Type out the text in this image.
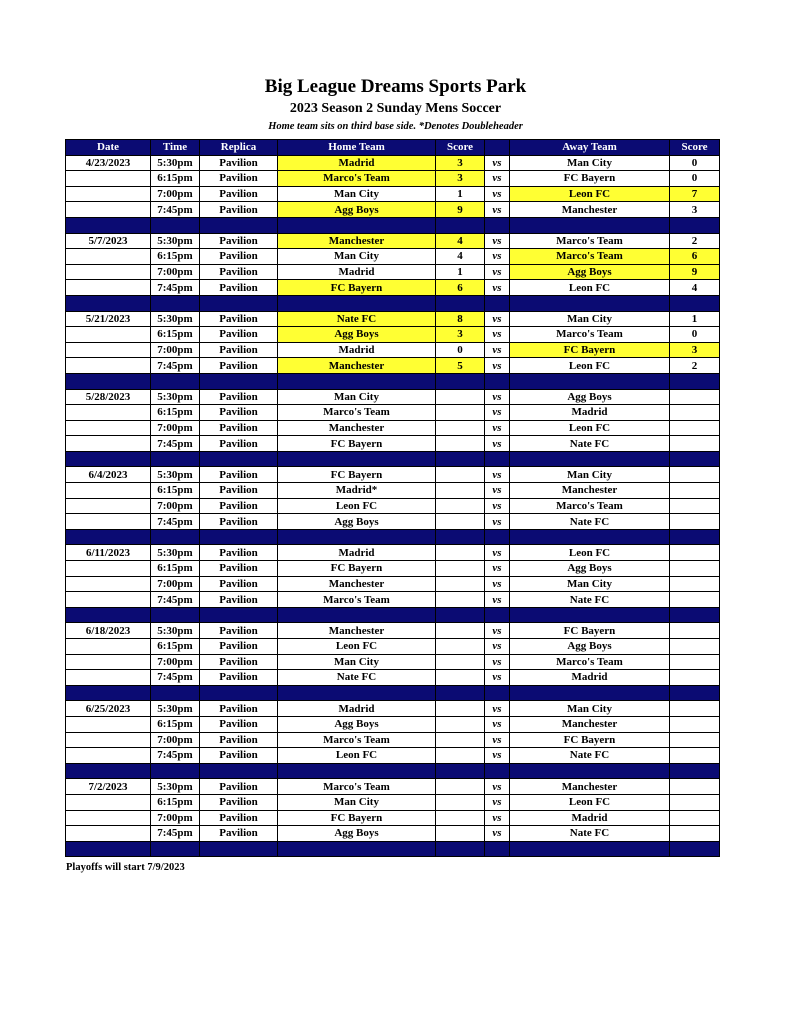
Big League Dreams Sports Park
2023 Season 2 Sunday Mens Soccer
Home team sits on third base side. *Denotes Doubleheader
Date	Time	Replica	Home Team	Score		Away Team	Score
4/23/2023	5:30pm	Pavilion	Madrid	3	vs	Man City	0
	6:15pm	Pavilion	Marco's Team	3	vs	FC Bayern	0
	7:00pm	Pavilion	Man City	1	vs	Leon FC	7
	7:45pm	Pavilion	Agg Boys	9	vs	Manchester	3

5/7/2023	5:30pm	Pavilion	Manchester	4	vs	Marco's Team	2
	6:15pm	Pavilion	Man City	4	vs	Marco's Team	6
	7:00pm	Pavilion	Madrid	1	vs	Agg Boys	9
	7:45pm	Pavilion	FC Bayern	6	vs	Leon FC	4

5/21/2023	5:30pm	Pavilion	Nate FC	8	vs	Man City	1
	6:15pm	Pavilion	Agg Boys	3	vs	Marco's Team	0
	7:00pm	Pavilion	Madrid	0	vs	FC Bayern	3
	7:45pm	Pavilion	Manchester	5	vs	Leon FC	2

5/28/2023	5:30pm	Pavilion	Man City		vs	Agg Boys	
	6:15pm	Pavilion	Marco's Team		vs	Madrid	
	7:00pm	Pavilion	Manchester		vs	Leon FC	
	7:45pm	Pavilion	FC Bayern		vs	Nate FC	

6/4/2023	5:30pm	Pavilion	FC Bayern		vs	Man City	
	6:15pm	Pavilion	Madrid*		vs	Manchester	
	7:00pm	Pavilion	Leon FC		vs	Marco's Team	
	7:45pm	Pavilion	Agg Boys		vs	Nate FC	

6/11/2023	5:30pm	Pavilion	Madrid		vs	Leon FC	
	6:15pm	Pavilion	FC Bayern		vs	Agg Boys	
	7:00pm	Pavilion	Manchester		vs	Man City	
	7:45pm	Pavilion	Marco's Team		vs	Nate FC	

6/18/2023	5:30pm	Pavilion	Manchester		vs	FC Bayern	
	6:15pm	Pavilion	Leon FC		vs	Agg Boys	
	7:00pm	Pavilion	Man City		vs	Marco's Team	
	7:45pm	Pavilion	Nate FC		vs	Madrid	

6/25/2023	5:30pm	Pavilion	Madrid		vs	Man City	
	6:15pm	Pavilion	Agg Boys		vs	Manchester	
	7:00pm	Pavilion	Marco's Team		vs	FC Bayern	
	7:45pm	Pavilion	Leon FC		vs	Nate FC	

7/2/2023	5:30pm	Pavilion	Marco's Team		vs	Manchester	
	6:15pm	Pavilion	Man City		vs	Leon FC	
	7:00pm	Pavilion	FC Bayern		vs	Madrid	
	7:45pm	Pavilion	Agg Boys		vs	Nate FC	

Playoffs will start 7/9/2023
